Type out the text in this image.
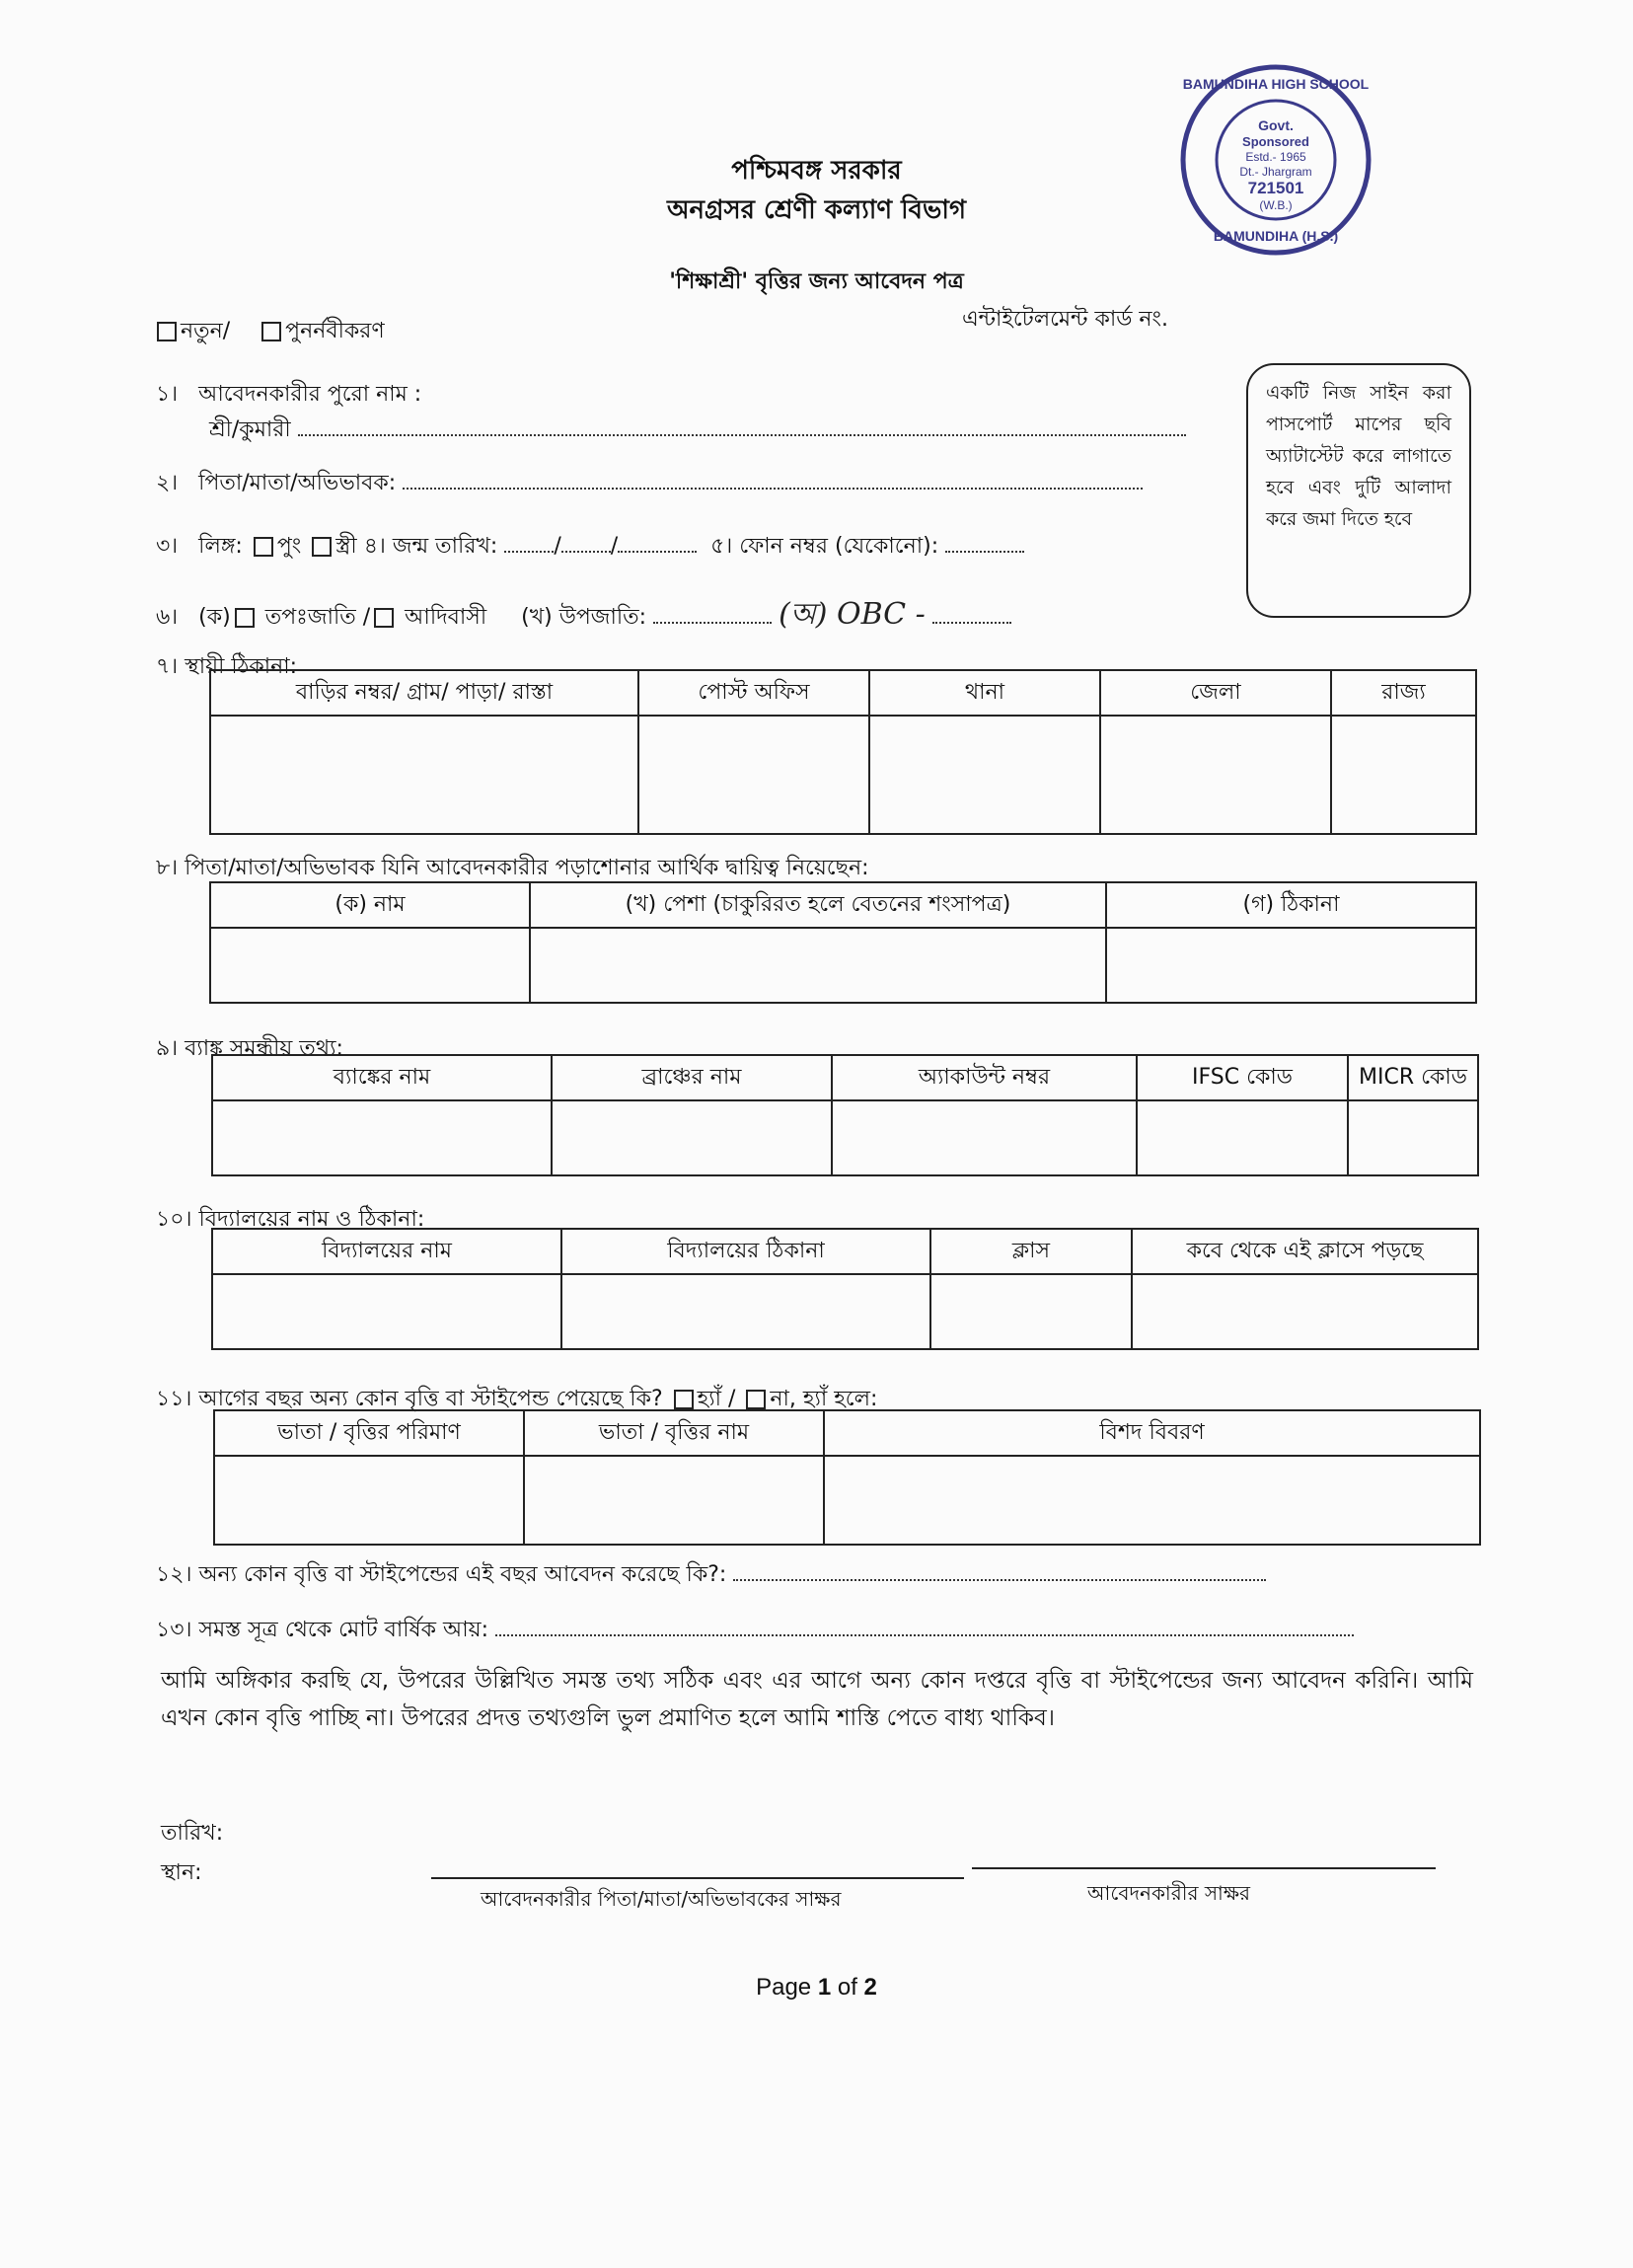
পশ্চিমবঙ্গ সরকার
অনগ্রসর শ্রেণী কল্যাণ বিভাগ
'শিক্ষাশ্রী' বৃত্তির জন্য আবেদন পত্র
Govt.
Sponsored
Estd.- 1965
Dt.- Jhargram
721501
(W.B.)
BAMUNDIHA HIGH SCHOOL
BAMUNDIHA (H.S.)
নতুন/	পুনর্নবীকরণ	এন্টাইটেলমেন্ট কার্ড নং.
একটি নিজ সাইন করা পাসপোর্ট মাপের ছবি অ্যাটাস্টেট করে লাগাতে হবে এবং দুটি আলাদা করে জমা দিতে হবে
১। আবেদনকারীর পুরো নাম :
শ্রী/কুমারী
২। পিতা/মাতা/অভিভাবক:
৩। লিঙ্গ: পুং স্ত্রী ৪। জন্ম তারিখ:	/ /	৫। ফোন নম্বর (যেকোনো):
৬। (ক) তপঃজাতি / আদিবাসী (খ) উপজাতি:	(অ) OBC -
৭। স্থায়ী ঠিকানা:
বাড়ির নম্বর/ গ্রাম/ পাড়া/ রাস্তা	পোস্ট অফিস	থানা	জেলা	রাজ্য

৮। পিতা/মাতা/অভিভাবক যিনি আবেদনকারীর পড়াশোনার আর্থিক দ্বায়িত্ব নিয়েছেন:
(ক) নাম	(খ) পেশা (চাকুরিরত হলে বেতনের শংসাপত্র)	(গ) ঠিকানা

৯। ব্যাঙ্ক সমন্ধীয় তথ্য:
ব্যাঙ্কের নাম	ব্রাঞ্চের নাম	অ্যাকাউন্ট নম্বর	IFSC কোড	MICR কোড

১০। বিদ্যালয়ের নাম ও ঠিকানা:
বিদ্যালয়ের নাম	বিদ্যালয়ের ঠিকানা	ক্লাস	কবে থেকে এই ক্লাসে পড়ছে

১১। আগের বছর অন্য কোন বৃত্তি বা স্টাইপেন্ড পেয়েছে কি? হ্যাঁ / না, হ্যাঁ হলে:
ভাতা / বৃত্তির পরিমাণ	ভাতা / বৃত্তির নাম	বিশদ বিবরণ

১২। অন্য কোন বৃত্তি বা স্টাইপেন্ডের এই বছর আবেদন করেছে কি?:
১৩। সমস্ত সূত্র থেকে মোট বার্ষিক আয়:
আমি অঙ্গিকার করছি যে, উপরের উল্লিখিত সমস্ত তথ্য সঠিক এবং এর আগে অন্য কোন দপ্তরে বৃত্তি বা স্টাইপেন্ডের জন্য আবেদন করিনি। আমি এখন কোন বৃত্তি পাচ্ছি না। উপরের প্রদত্ত তথ্যগুলি ভুল প্রমাণিত হলে আমি শাস্তি পেতে বাধ্য থাকিব।
তারিখ:
স্থান:
আবেদনকারীর পিতা/মাতা/অভিভাবকের সাক্ষর	আবেদনকারীর সাক্ষর
Page 1 of 2
